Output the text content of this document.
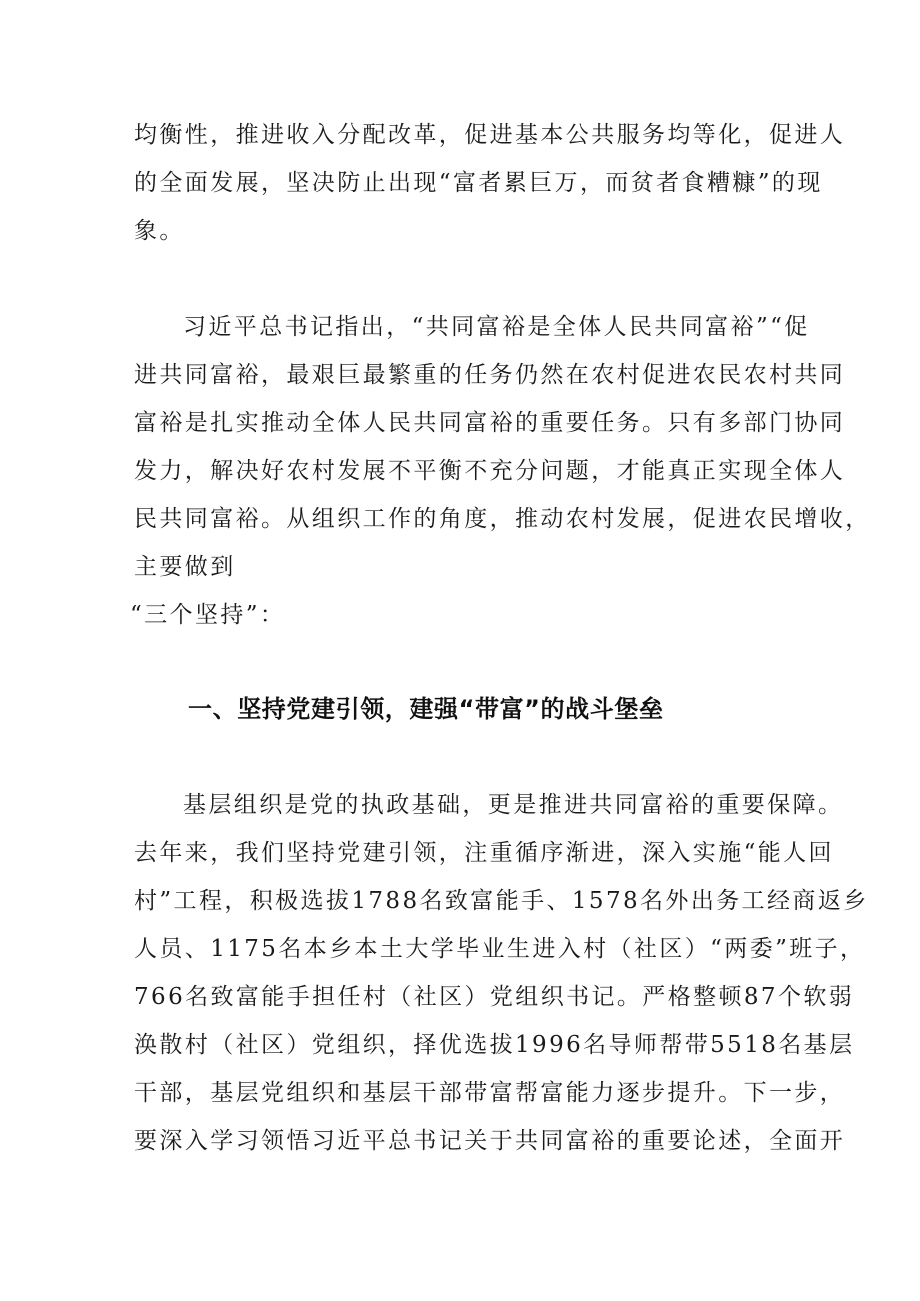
均衡性，推进收入分配改革，促进基本公共服务均等化，促进人
的全面发展，坚决防止出现“富者累巨万，而贫者食糟糠”的现
象。
习近平总书记指出，“共同富裕是全体人民共同富裕”“促
进共同富裕，最艰巨最繁重的任务仍然在农村促进农民农村共同
富裕是扎实推动全体人民共同富裕的重要任务。只有多部门协同
发力，解决好农村发展不平衡不充分问题，才能真正实现全体人
民共同富裕。从组织工作的角度，推动农村发展，促进农民增收，
主要做到
“三个坚持”：
一、坚持党建引领，建强“带富”的战斗堡垒
基层组织是党的执政基础，更是推进共同富裕的重要保障。
去年来，我们坚持党建引领，注重循序渐进，深入实施“能人回
村”工程，积极选拔1788名致富能手、1578名外出务工经商返乡
人员、1175名本乡本土大学毕业生进入村（社区）“两委”班子，
766名致富能手担任村（社区）党组织书记。严格整顿87个软弱
涣散村（社区）党组织，择优选拔1996名导师帮带5518名基层
干部，基层党组织和基层干部带富帮富能力逐步提升。下一步，
要深入学习领悟习近平总书记关于共同富裕的重要论述，全面开
